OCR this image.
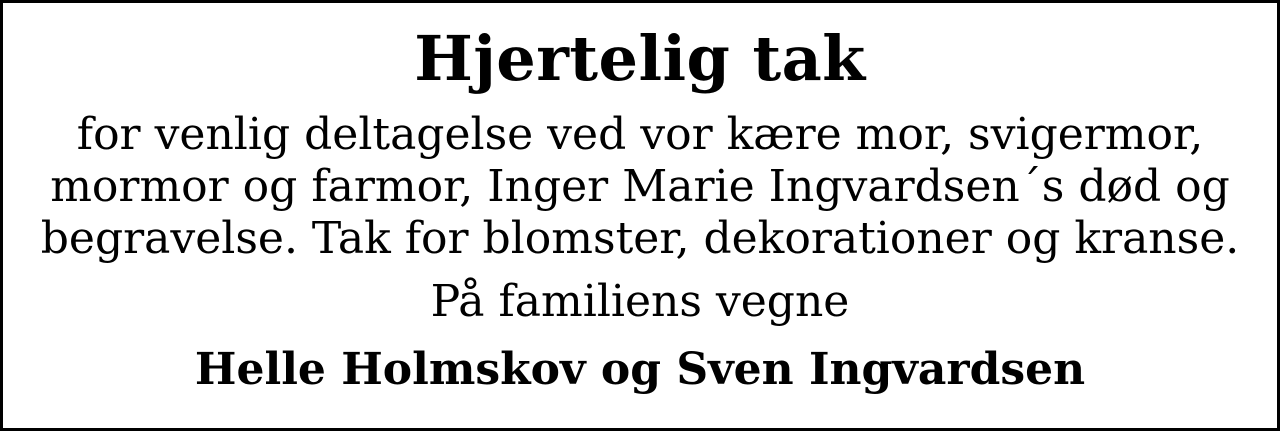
Hjertelig tak

for venlig deltagelse ved vor kære mor, svigermor,
mormor og farmor, Inger Marie Ingvardsen´s død og
begravelse. Tak for blomster, dekorationer og kranse.

På familiens vegne

Helle Holmskov og Sven Ingvardsen
